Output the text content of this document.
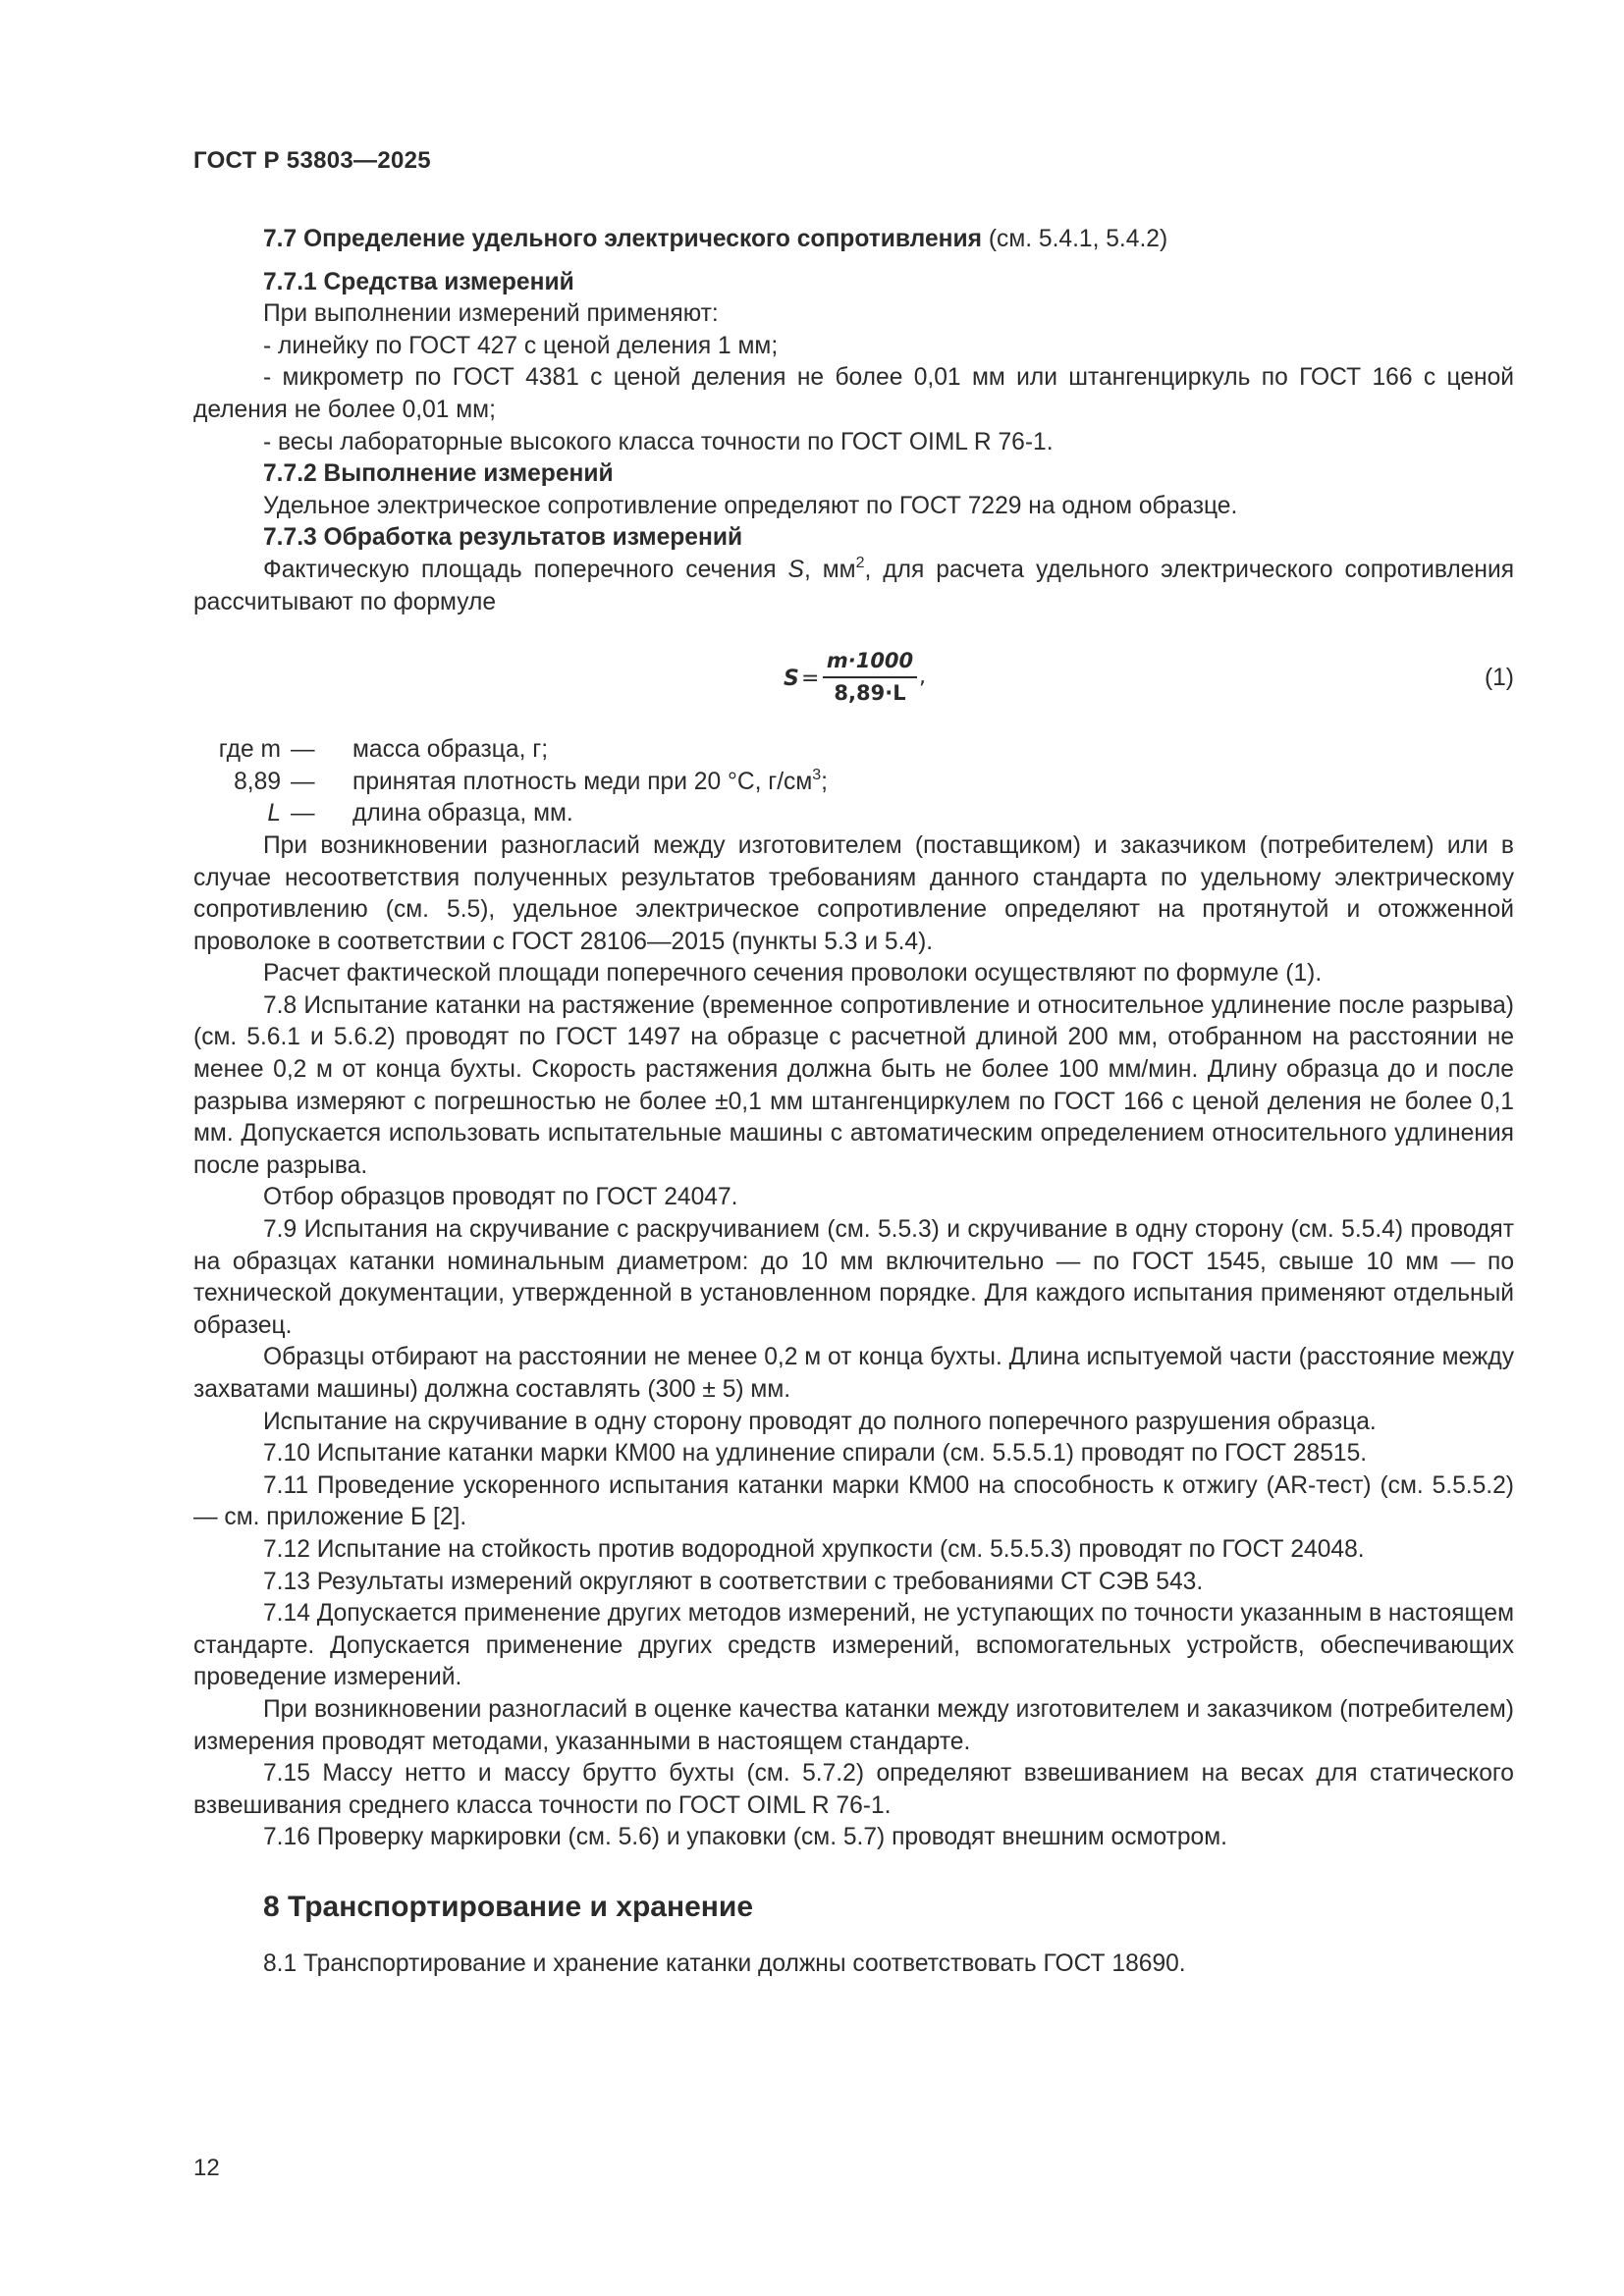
ГОСТ Р 53803—2025

7.7 Определение удельного электрического сопротивления (см. 5.4.1, 5.4.2)

7.7.1 Средства измерений

При выполнении измерений применяют:

- линейку по ГОСТ 427 с ценой деления 1 мм;

- микрометр по ГОСТ 4381 с ценой деления не более 0,01 мм или штангенциркуль по ГОСТ 166 с ценой деления не более 0,01 мм;

- весы лабораторные высокого класса точности по ГОСТ OIML R 76-1.

7.7.2 Выполнение измерений

Удельное электрическое сопротивление определяют по ГОСТ 7229 на одном образце.

7.7.3 Обработка результатов измерений

Фактическую площадь поперечного сечения S, $мм^2$, для расчета удельного электрического сопротивления рассчитывают по формуле

S =
m·1000
8,89·L
,	(1)
где m — масса образца, г;
8,89 — принятая плотность меди при 20 °С, $г/см^3$;
L — длина образца, мм.

При возникновении разногласий между изготовителем (поставщиком) и заказчиком (потребителем) или в случае несоответствия полученных результатов требованиям данного стандарта по удельному электрическому сопротивлению (см. 5.5), удельное электрическое сопротивление определяют на протянутой и отожженной проволоке в соответствии с ГОСТ 28106—2015 (пункты 5.3 и 5.4).

Расчет фактической площади поперечного сечения проволоки осуществляют по формуле (1).

7.8 Испытание катанки на растяжение (временное сопротивление и относительное удлинение после разрыва) (см. 5.6.1 и 5.6.2) проводят по ГОСТ 1497 на образце с расчетной длиной 200 мм, отобранном на расстоянии не менее 0,2 м от конца бухты. Скорость растяжения должна быть не более 100 мм/мин. Длину образца до и после разрыва измеряют с погрешностью не более ±0,1 мм штангенциркулем по ГОСТ 166 с ценой деления не более 0,1 мм. Допускается использовать испытательные машины с автоматическим определением относительного удлинения после разрыва.

Отбор образцов проводят по ГОСТ 24047.

7.9 Испытания на скручивание с раскручиванием (см. 5.5.3) и скручивание в одну сторону (см. 5.5.4) проводят на образцах катанки номинальным диаметром: до 10 мм включительно — по ГОСТ 1545, свыше 10 мм — по технической документации, утвержденной в установленном порядке. Для каждого испытания применяют отдельный образец.

Образцы отбирают на расстоянии не менее 0,2 м от конца бухты. Длина испытуемой части (расстояние между захватами машины) должна составлять (300 ± 5) мм.

Испытание на скручивание в одну сторону проводят до полного поперечного разрушения образца.

7.10 Испытание катанки марки КМ00 на удлинение спирали (см. 5.5.5.1) проводят по ГОСТ 28515.

7.11 Проведение ускоренного испытания катанки марки КМ00 на способность к отжигу (AR-тест) (см. 5.5.5.2) — см. приложение Б [2].

7.12 Испытание на стойкость против водородной хрупкости (см. 5.5.5.3) проводят по ГОСТ 24048.

7.13 Результаты измерений округляют в соответствии с требованиями СТ СЭВ 543.

7.14 Допускается применение других методов измерений, не уступающих по точности указанным в настоящем стандарте. Допускается применение других средств измерений, вспомогательных устройств, обеспечивающих проведение измерений.

При возникновении разногласий в оценке качества катанки между изготовителем и заказчиком (потребителем) измерения проводят методами, указанными в настоящем стандарте.

7.15 Массу нетто и массу брутто бухты (см. 5.7.2) определяют взвешиванием на весах для статического взвешивания среднего класса точности по ГОСТ OIML R 76-1.

7.16 Проверку маркировки (см. 5.6) и упаковки (см. 5.7) проводят внешним осмотром.

8 Транспортирование и хранение

8.1 Транспортирование и хранение катанки должны соответствовать ГОСТ 18690.

12
